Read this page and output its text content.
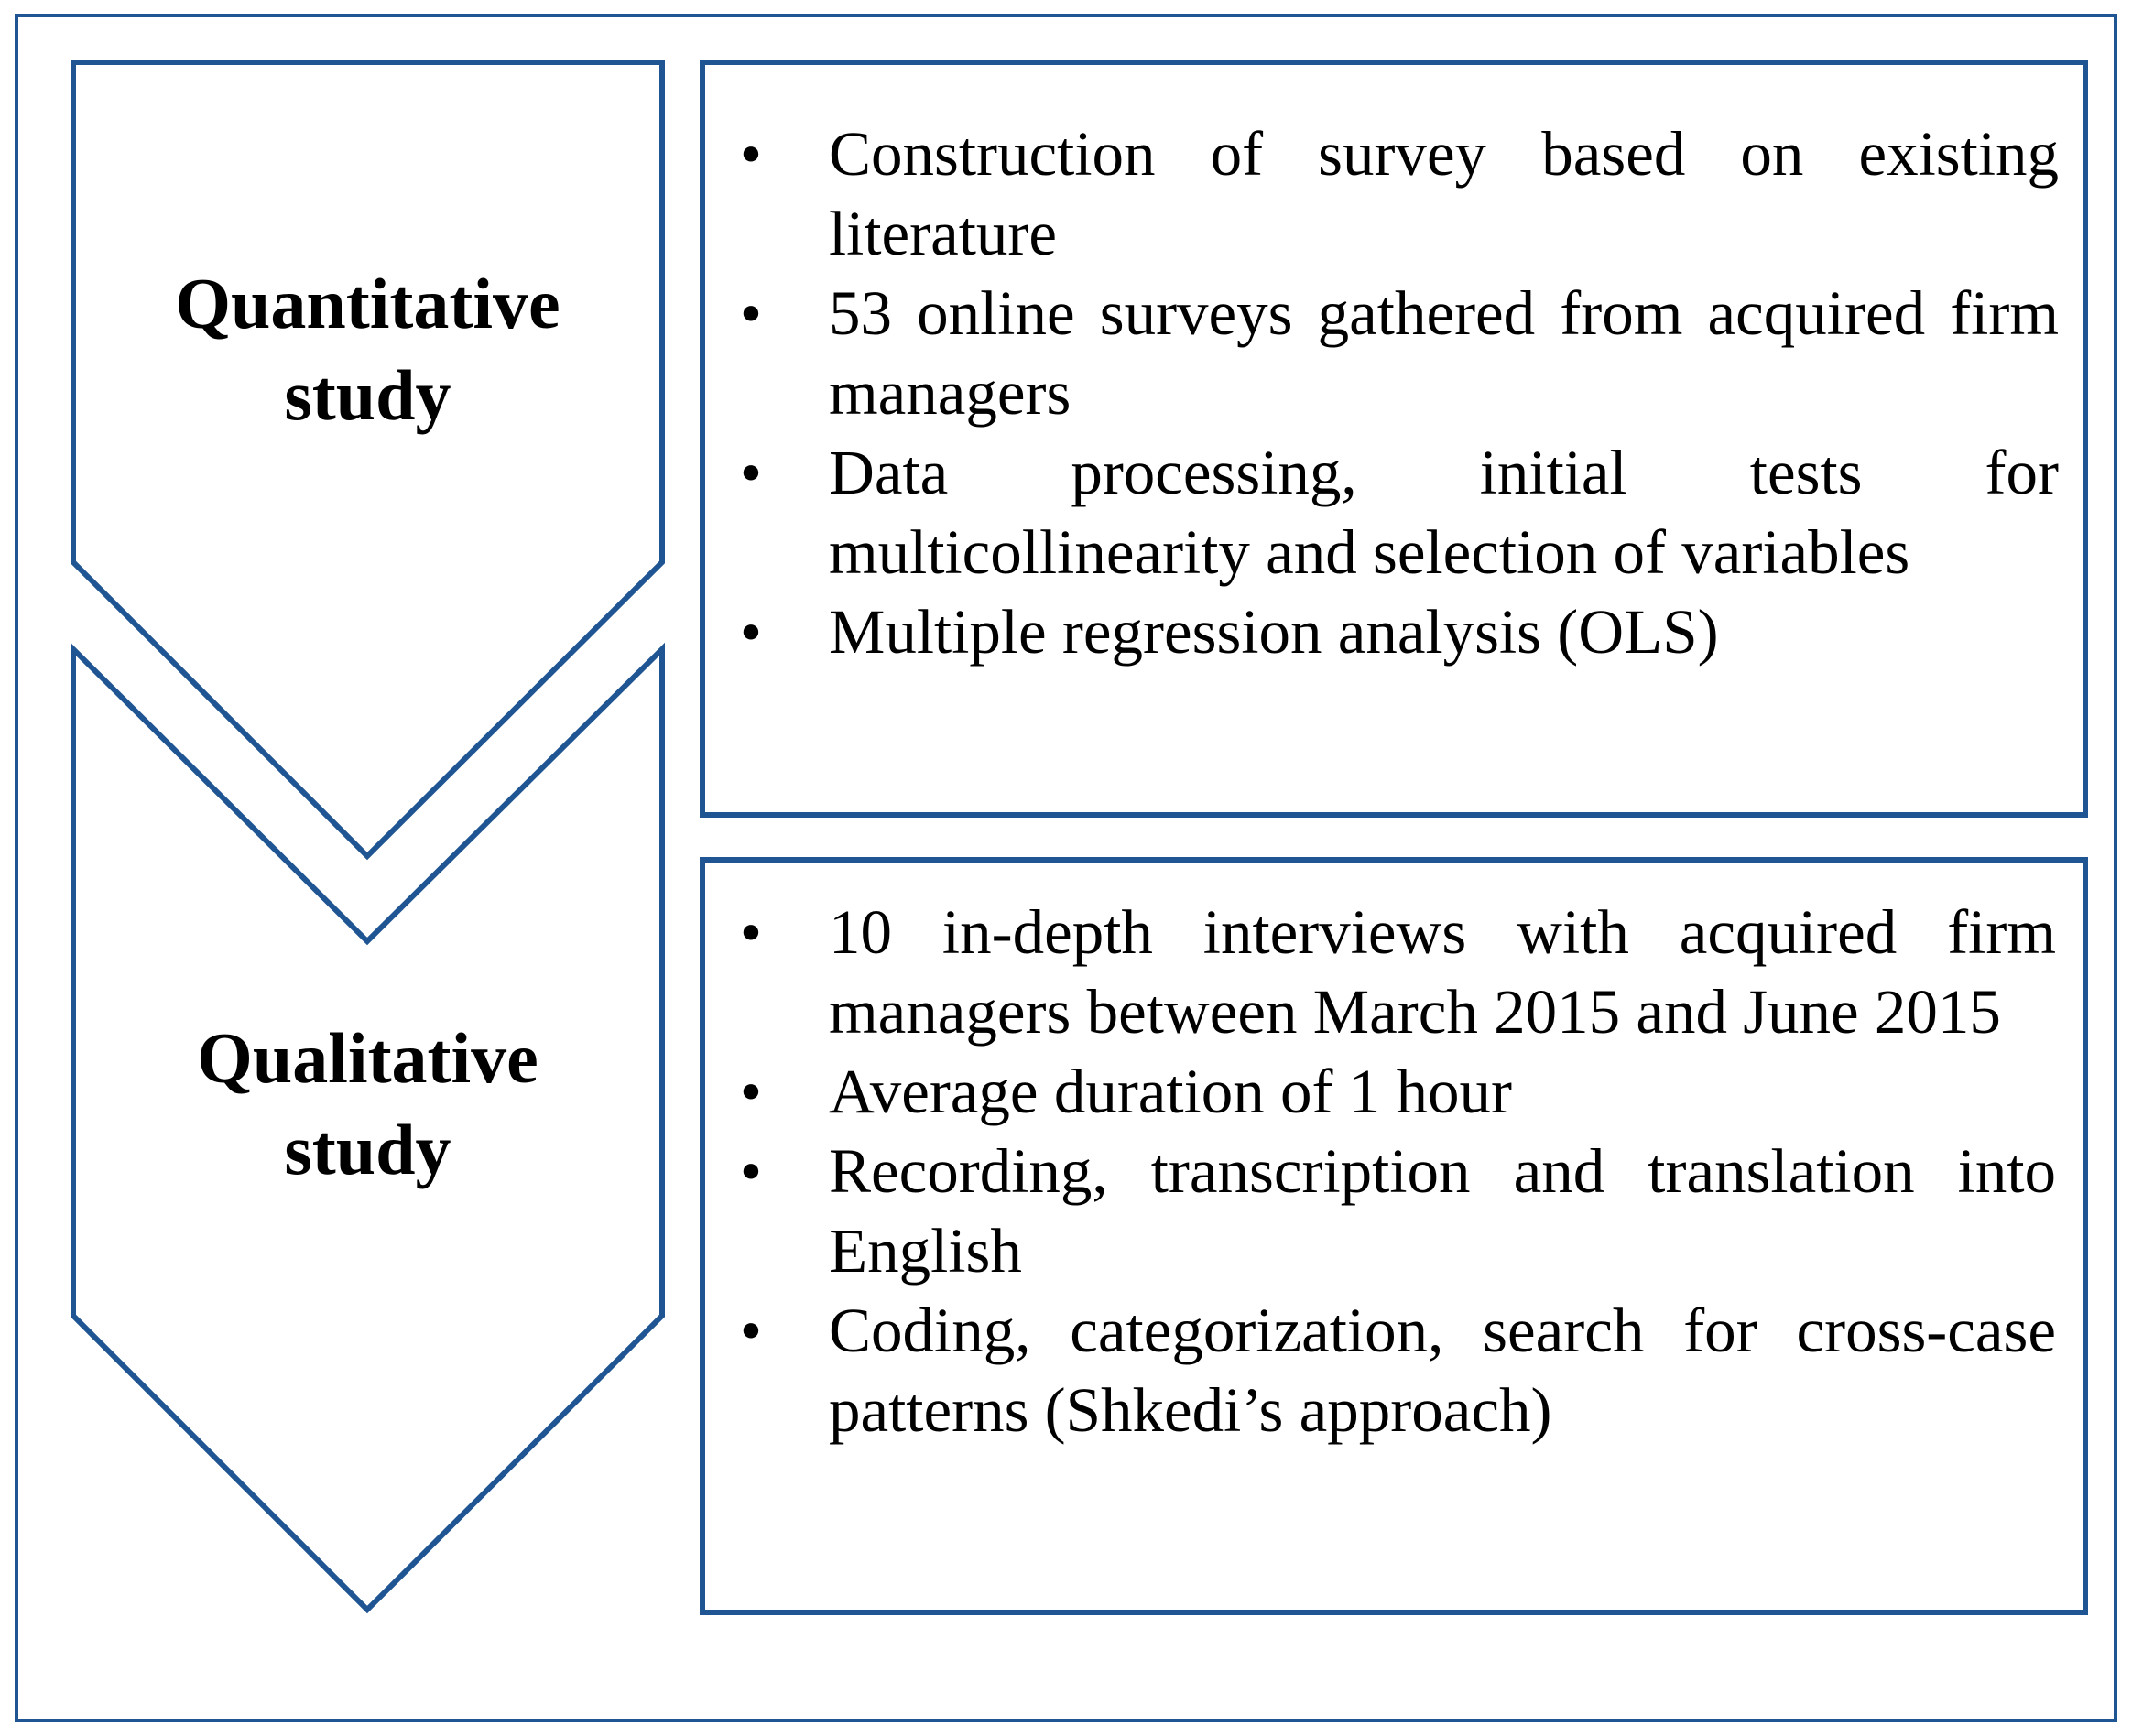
Quantitative
study
Qualitative
study
• Construction of survey based on existing literature
• 53 online surveys gathered from acquired firm managers
• Data processing, initial tests for multicollinearity and selection of variables
• Multiple regression analysis (OLS)
• 10 in-depth interviews with acquired firm managers between March 2015 and June 2015
• Average duration of 1 hour
• Recording, transcription and translation into English
• Coding, categorization, search for cross-case patterns (Shkedi’s approach)
